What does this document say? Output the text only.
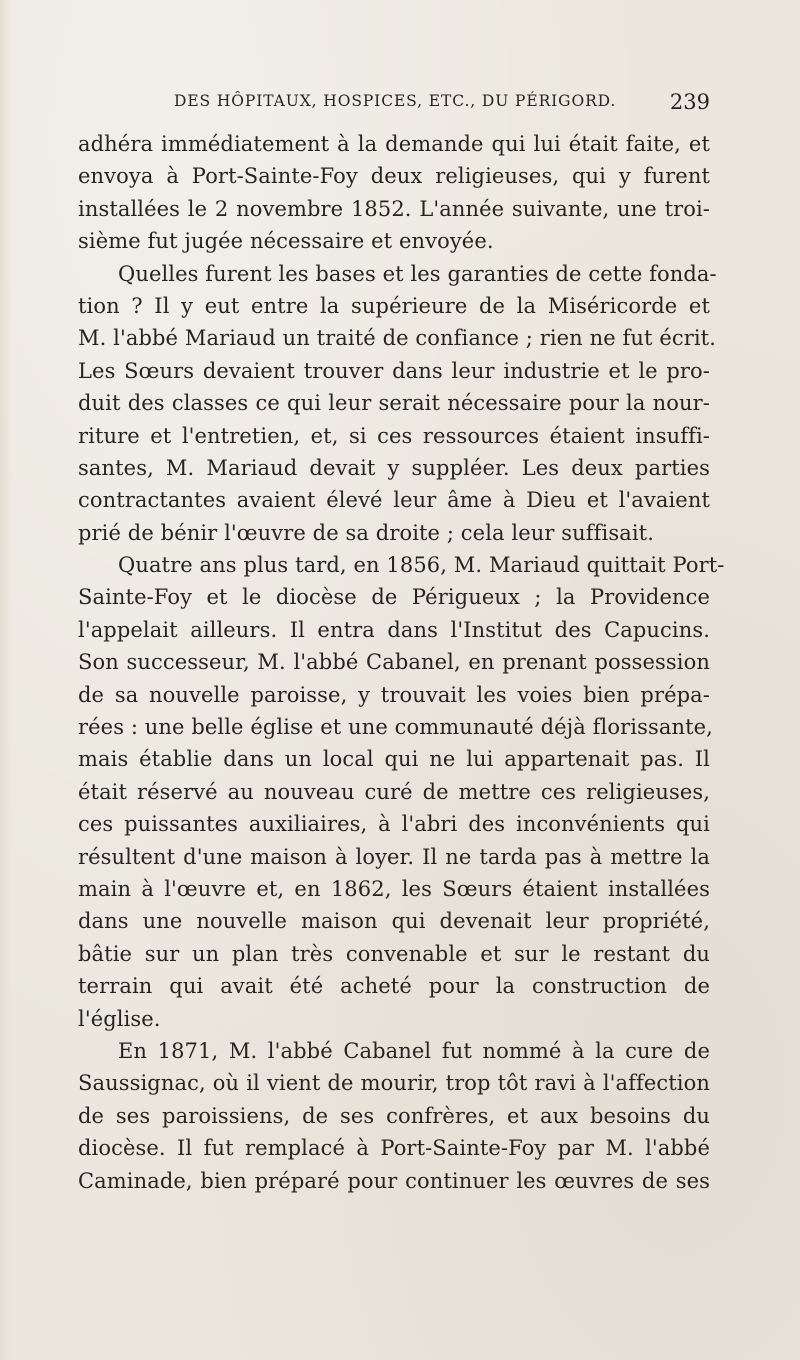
DES HÔPITAUX, HOSPICES, ETC., DU PÉRIGORD.	239
adhéra immédiatement à la demande qui lui était faite, et
envoya à Port-Sainte-Foy deux religieuses, qui y furent
installées le 2 novembre 1852. L'année suivante, une troi-
sième fut jugée nécessaire et envoyée.
Quelles furent les bases et les garanties de cette fonda-
tion ? Il y eut entre la supérieure de la Miséricorde et
M. l'abbé Mariaud un traité de confiance ; rien ne fut écrit.
Les Sœurs devaient trouver dans leur industrie et le pro-
duit des classes ce qui leur serait nécessaire pour la nour-
riture et l'entretien, et, si ces ressources étaient insuffi-
santes, M. Mariaud devait y suppléer. Les deux parties
contractantes avaient élevé leur âme à Dieu et l'avaient
prié de bénir l'œuvre de sa droite ; cela leur suffisait.
Quatre ans plus tard, en 1856, M. Mariaud quittait Port-
Sainte-Foy et le diocèse de Périgueux ; la Providence
l'appelait ailleurs. Il entra dans l'Institut des Capucins.
Son successeur, M. l'abbé Cabanel, en prenant possession
de sa nouvelle paroisse, y trouvait les voies bien prépa-
rées : une belle église et une communauté déjà florissante,
mais établie dans un local qui ne lui appartenait pas. Il
était réservé au nouveau curé de mettre ces religieuses,
ces puissantes auxiliaires, à l'abri des inconvénients qui
résultent d'une maison à loyer. Il ne tarda pas à mettre la
main à l'œuvre et, en 1862, les Sœurs étaient installées
dans une nouvelle maison qui devenait leur propriété,
bâtie sur un plan très convenable et sur le restant du
terrain qui avait été acheté pour la construction de
l'église.
En 1871, M. l'abbé Cabanel fut nommé à la cure de
Saussignac, où il vient de mourir, trop tôt ravi à l'affection
de ses paroissiens, de ses confrères, et aux besoins du
diocèse. Il fut remplacé à Port-Sainte-Foy par M. l'abbé
Caminade, bien préparé pour continuer les œuvres de ses
